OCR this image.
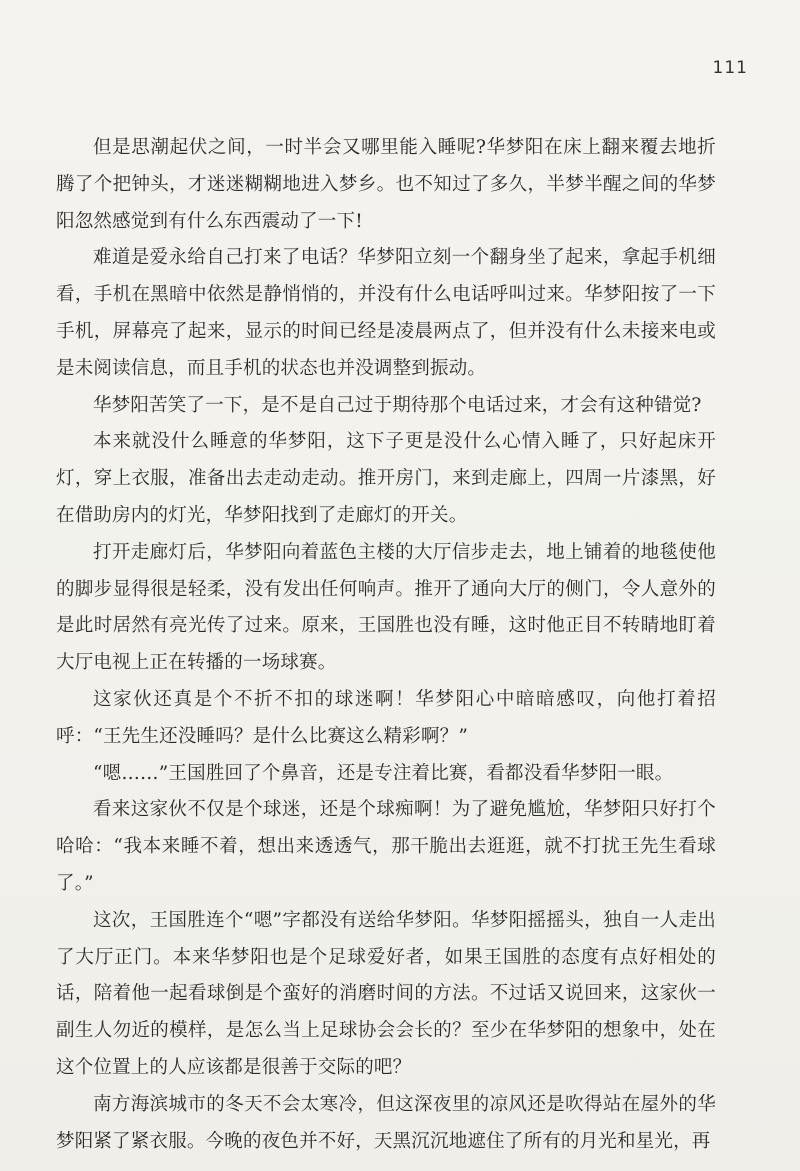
111

但是思潮起伏之间，一时半会又哪里能入睡呢?华梦阳在床上翻来覆去地折腾了个把钟头，才迷迷糊糊地进入梦乡。也不知过了多久，半梦半醒之间的华梦阳忽然感觉到有什么东西震动了一下!

难道是爱永给自己打来了电话？华梦阳立刻一个翻身坐了起来，拿起手机细看，手机在黑暗中依然是静悄悄的，并没有什么电话呼叫过来。华梦阳按了一下手机，屏幕亮了起来，显示的时间已经是凌晨两点了，但并没有什么未接来电或是未阅读信息，而且手机的状态也并没调整到振动。

华梦阳苦笑了一下，是不是自己过于期待那个电话过来，才会有这种错觉?

本来就没什么睡意的华梦阳，这下子更是没什么心情入睡了，只好起床开灯，穿上衣服，准备出去走动走动。推开房门，来到走廊上，四周一片漆黑，好在借助房内的灯光，华梦阳找到了走廊灯的开关。

打开走廊灯后，华梦阳向着蓝色主楼的大厅信步走去，地上铺着的地毯使他的脚步显得很是轻柔，没有发出任何响声。推开了通向大厅的侧门，令人意外的是此时居然有亮光传了过来。原来，王国胜也没有睡，这时他正目不转睛地盯着大厅电视上正在转播的一场球赛。

这家伙还真是个不折不扣的球迷啊！华梦阳心中暗暗感叹，向他打着招呼：“王先生还没睡吗？是什么比赛这么精彩啊？”

“嗯……”王国胜回了个鼻音，还是专注着比赛，看都没看华梦阳一眼。

看来这家伙不仅是个球迷，还是个球痴啊！为了避免尴尬，华梦阳只好打个哈哈：“我本来睡不着，想出来透透气，那干脆出去逛逛，就不打扰王先生看球了。”

这次，王国胜连个“嗯”字都没有送给华梦阳。华梦阳摇摇头，独自一人走出了大厅正门。本来华梦阳也是个足球爱好者，如果王国胜的态度有点好相处的话，陪着他一起看球倒是个蛮好的消磨时间的方法。不过话又说回来，这家伙一副生人勿近的模样，是怎么当上足球协会会长的？至少在华梦阳的想象中，处在这个位置上的人应该都是很善于交际的吧？

南方海滨城市的冬天不会太寒冷，但这深夜里的凉风还是吹得站在屋外的华梦阳紧了紧衣服。今晚的夜色并不好，天黑沉沉地遮住了所有的月光和星光，再
